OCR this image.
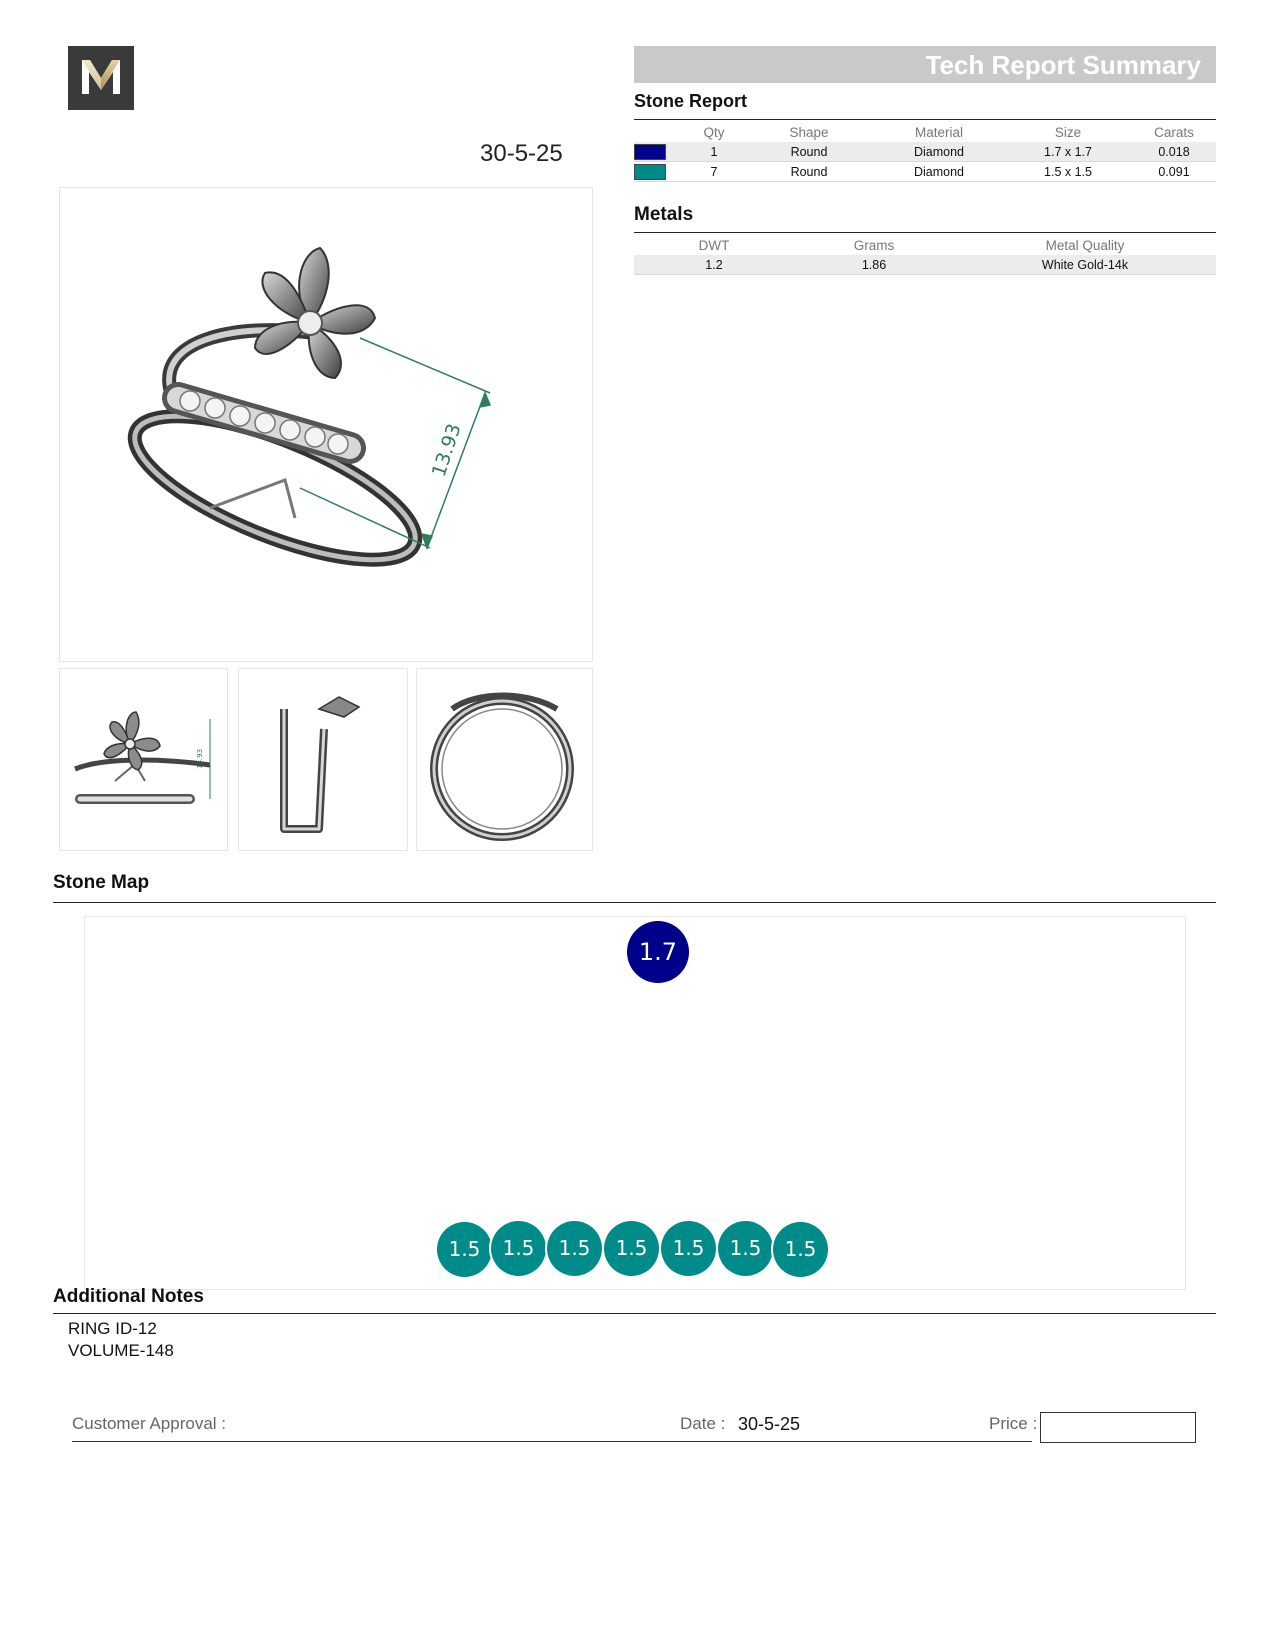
30-5-25
Tech Report Summary
Stone Report
	Qty	Shape	Material	Size	Carats

	1	Round	Diamond	1.7 x 1.7	0.018

	7	Round	Diamond	1.5 x 1.5	0.091
Metals
DWT	Grams	Metal Quality
1.2	1.86	White Gold-14k
13.93
13.93
Stone Map
1.7
1.5	1.5	1.5	1.5	1.5	1.5	1.5
Additional Notes
RING ID-12
VOLUME-148
Customer Approval :	Date : 30-5-25	Price :
